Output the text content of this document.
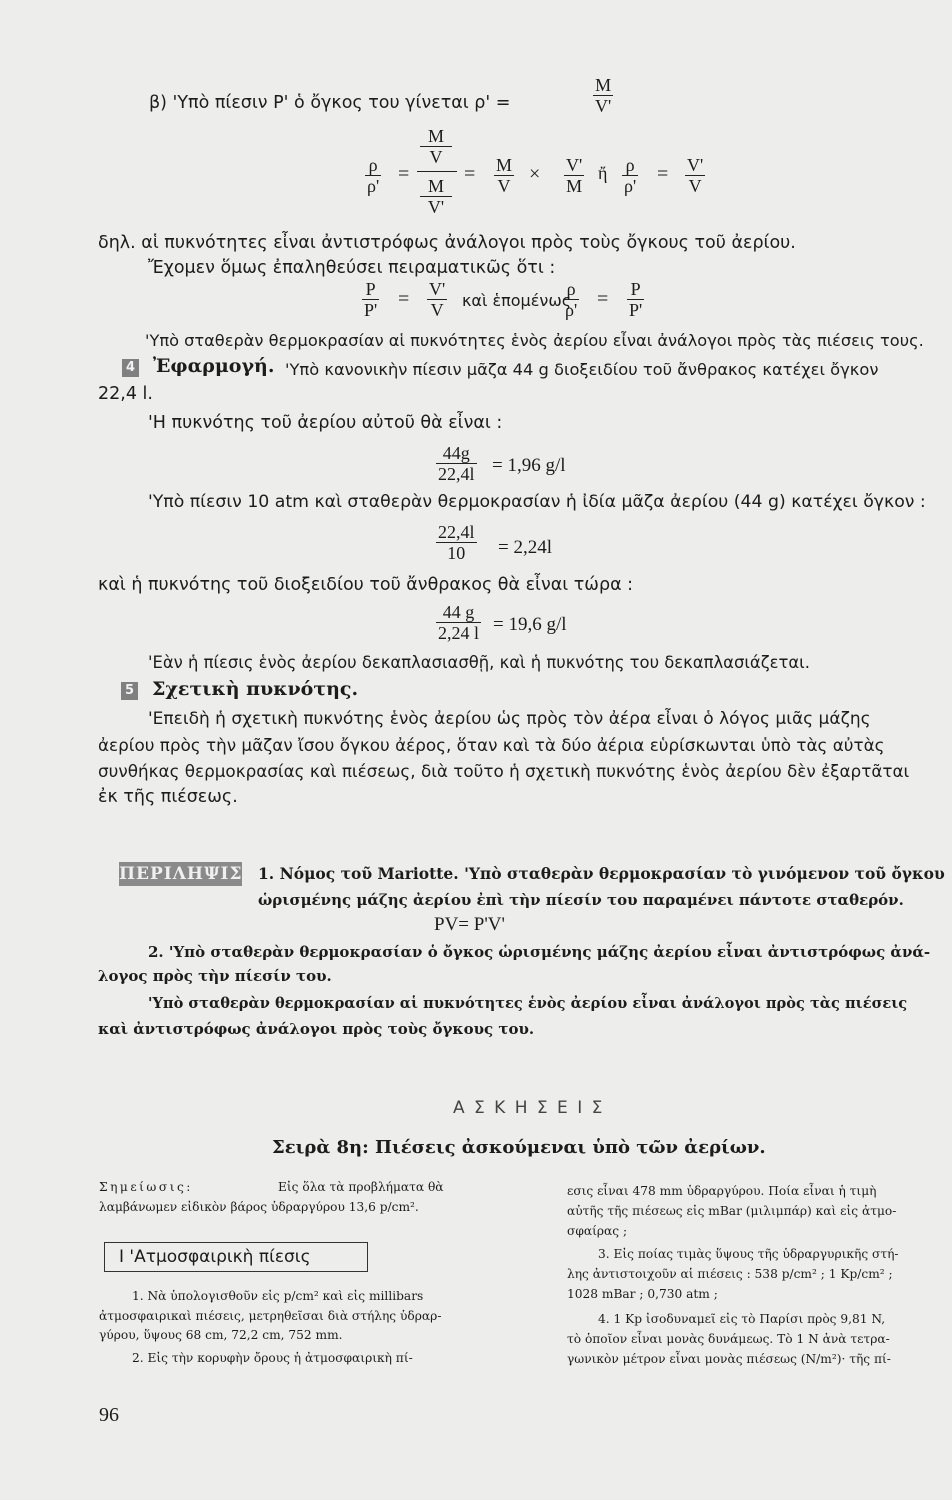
β) 'Υπὸ πίεσιν P' ὁ ὄγκος του γίνεται ρ' =	$\frac{M}{V'}$
$\frac{\rho}{\rho'}$ =
$\frac{M}{V}$
$\frac{M}{V'}$
= $\frac{M}{V} \times \frac{V'}{M}$ ἤ $\frac{\rho}{\rho'} = \frac{V'}{V}$
δηλ. αἱ πυκνότητες εἶναι ἀντιστρόφως ἀνάλογοι πρὸς τοὺς ὄγκους τοῦ ἀερίου.
Ἔχομεν ὅμως ἐπαληθεύσει πειραματικῶς ὅτι :
$\frac{P}{P'} = \frac{V'}{V}$ καὶ ἑπομένως
$\frac{\rho}{\rho'} = \frac{P}{P'}$
'Υπὸ σταθερὰν θερμοκρασίαν αἱ πυκνότητες ἑνὸς ἀερίου εἶναι ἀνάλογοι πρὸς τὰς πιέσεις τους.
4 Ἐφαρμογή. 'Υπὸ κανονικὴν πίεσιν μᾶζα 44 g διοξειδίου τοῦ ἄνθρακος κατέχει ὄγκον
22,4 l.
'Η πυκνότης τοῦ ἀερίου αὐτοῦ θὰ εἶναι :
$\frac{44g}{22,4l} = 1,96$ g/l
'Υπὸ πίεσιν 10 atm καὶ σταθερὰν θερμοκρασίαν ἡ ἰδία μᾶζα ἀερίου (44 g) κατέχει ὄγκον :
$\frac{22,4l}{10} = 2,24l$
καὶ ἡ πυκνότης τοῦ διοξειδίου τοῦ ἄνθρακος θὰ εἶναι τώρα :
$\frac{44 g}{2,24 l} = 19,6$ g/l
'Εὰν ἡ πίεσις ἑνὸς ἀερίου δεκαπλασιασθῇ, καὶ ἡ πυκνότης του δεκαπλασιάζεται.
5 Σχετικὴ πυκνότης.
'Επειδὴ ἡ σχετικὴ πυκνότης ἑνὸς ἀερίου ὡς πρὸς τὸν ἀέρα εἶναι ὁ λόγος μιᾶς μάζης
ἀερίου πρὸς τὴν μᾶζαν ἴσου ὄγκου ἀέρος, ὅταν καὶ τὰ δύο ἀέρια εὑρίσκωνται ὑπὸ τὰς αὐτὰς
συνθήκας θερμοκρασίας καὶ πιέσεως, διὰ τοῦτο ἡ σχετικὴ πυκνότης ἑνὸς ἀερίου δὲν ἐξαρτᾶται
ἐκ τῆς πιέσεως.
ΠΕΡΙΛΗΨΙΣ 1. Νόμος τοῦ Mariotte. 'Υπὸ σταθερὰν θερμοκρασίαν τὸ γινόμενον τοῦ ὄγκου
ὡρισμένης μάζης ἀερίου ἐπὶ τὴν πίεσίν του παραμένει πάντοτε σταθερόν.
PV= P'V'
2. 'Υπὸ σταθερὰν θερμοκρασίαν ὁ ὄγκος ὡρισμένης μάζης ἀερίου εἶναι ἀντιστρόφως ἀνά-
λογος πρὸς τὴν πίεσίν του.
'Υπὸ σταθερὰν θερμοκρασίαν αἱ πυκνότητες ἑνὸς ἀερίου εἶναι ἀνάλογοι πρὸς τὰς πιέσεις
καὶ ἀντιστρόφως ἀνάλογοι πρὸς τοὺς ὄγκους του.
Α Σ Κ Η Σ Ε Ι Σ
Σειρὰ 8η: Πιέσεις ἀσκούμεναι ὑπὸ τῶν ἀερίων.
Σημείωσις:	Εἰς ὅλα τὰ προβλήματα θὰ
λαμβάνωμεν εἰδικὸν βάρος ὑδραργύρου 13,6 p/cm².
I 'Ατμοσφαιρικὴ πίεσις
1. Νὰ ὑπολογισθοῦν εἰς p/cm² καὶ εἰς millibars
ἀτμοσφαιρικαὶ πιέσεις, μετρηθεῖσαι διὰ στήλης ὑδραρ-
γύρου, ὕψους 68 cm, 72,2 cm, 752 mm.
2. Εἰς τὴν κορυφὴν ὄρους ἡ ἀτμοσφαιρικὴ πί-
εσις εἶναι 478 mm ὑδραργύρου. Ποία εἶναι ἡ τιμὴ
αὐτῆς τῆς πιέσεως εἰς mBar (μιλιμπάρ) καὶ εἰς ἀτμο-
σφαίρας ;
3. Εἰς ποίας τιμὰς ὕψους τῆς ὑδραργυρικῆς στή-
λης ἀντιστοιχοῦν αἱ πιέσεις : 538 p/cm² ; 1 Kp/cm² ;
1028 mBar ; 0,730 atm ;
4. 1 Kp ἰσοδυναμεῖ εἰς τὸ Παρίσι πρὸς 9,81 N,
τὸ ὁποῖον εἶναι μονὰς δυνάμεως. Τὸ 1 N ἀνὰ τετρα-
γωνικὸν μέτρον εἶναι μονὰς πιέσεως (N/m²)· τῆς πί-
96
